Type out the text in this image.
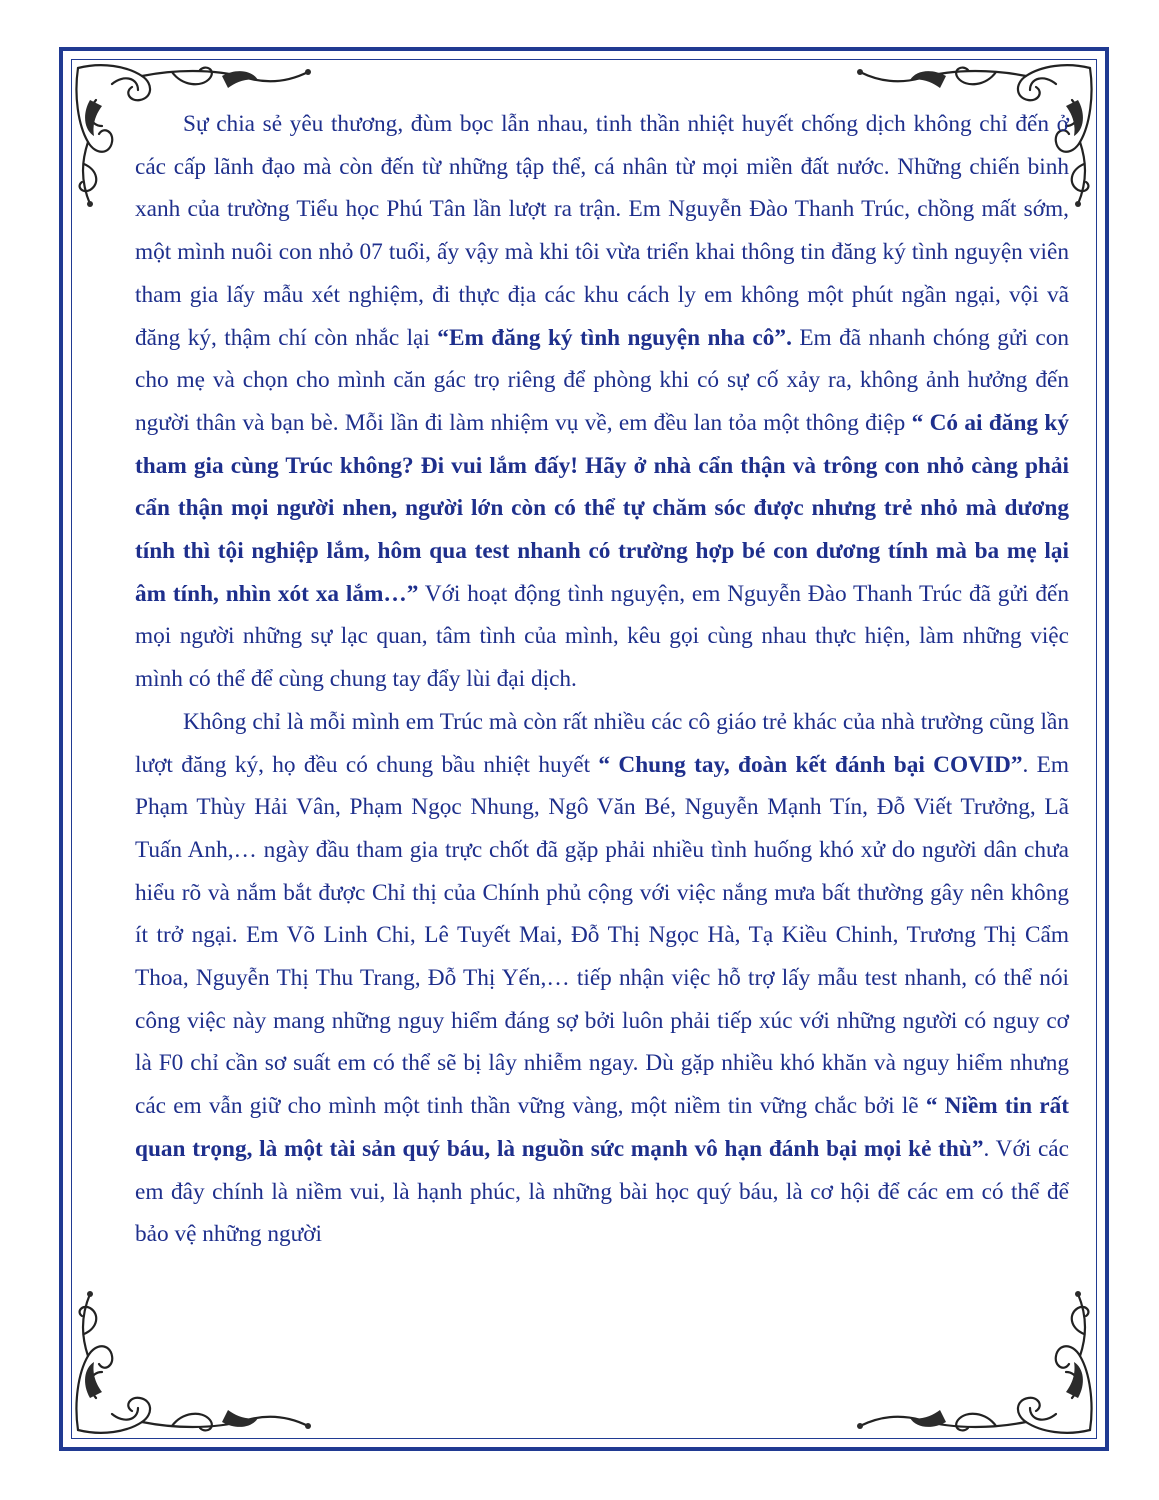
Sự chia sẻ yêu thương, đùm bọc lẫn nhau, tinh thần nhiệt huyết chống dịch không chỉ đến ở các cấp lãnh đạo mà còn đến từ những tập thể, cá nhân từ mọi miền đất nước. Những chiến binh xanh của trường Tiểu học Phú Tân lần lượt ra trận. Em Nguyễn Đào Thanh Trúc, chồng mất sớm, một mình nuôi con nhỏ 07 tuổi, ấy vậy mà khi tôi vừa triển khai thông tin đăng ký tình nguyện viên tham gia lấy mẫu xét nghiệm, đi thực địa các khu cách ly em không một phút ngần ngại, vội vã đăng ký, thậm chí còn nhắc lại “Em đăng ký tình nguyện nha cô”. Em đã nhanh chóng gửi con cho mẹ và chọn cho mình căn gác trọ riêng để phòng khi có sự cố xảy ra, không ảnh hưởng đến người thân và bạn bè. Mỗi lần đi làm nhiệm vụ về, em đều lan tỏa một thông điệp “ Có ai đăng ký tham gia cùng Trúc không? Đi vui lắm đấy! Hãy ở nhà cẩn thận và trông con nhỏ càng phải cẩn thận mọi người nhen, người lớn còn có thể tự chăm sóc được nhưng trẻ nhỏ mà dương tính thì tội nghiệp lắm, hôm qua test nhanh có trường hợp bé con dương tính mà ba mẹ lại âm tính, nhìn xót xa lắm…” Với hoạt động tình nguyện, em Nguyễn Đào Thanh Trúc đã gửi đến mọi người những sự lạc quan, tâm tình của mình, kêu gọi cùng nhau thực hiện, làm những việc mình có thể để cùng chung tay đẩy lùi đại dịch.

Không chỉ là mỗi mình em Trúc mà còn rất nhiều các cô giáo trẻ khác của nhà trường cũng lần lượt đăng ký, họ đều có chung bầu nhiệt huyết “ Chung tay, đoàn kết đánh bại COVID”. Em Phạm Thùy Hải Vân, Phạm Ngọc Nhung, Ngô Văn Bé, Nguyễn Mạnh Tín, Đỗ Viết Trưởng, Lã Tuấn Anh,… ngày đầu tham gia trực chốt đã gặp phải nhiều tình huống khó xử do người dân chưa hiểu rõ và nắm bắt được Chỉ thị của Chính phủ cộng với việc nắng mưa bất thường gây nên không ít trở ngại. Em Võ Linh Chi, Lê Tuyết Mai, Đỗ Thị Ngọc Hà, Tạ Kiều Chinh, Trương Thị Cẩm Thoa, Nguyễn Thị Thu Trang, Đỗ Thị Yến,… tiếp nhận việc hỗ trợ lấy mẫu test nhanh, có thể nói công việc này mang những nguy hiểm đáng sợ bởi luôn phải tiếp xúc với những người có nguy cơ là F0 chỉ cần sơ suất em có thể sẽ bị lây nhiễm ngay. Dù gặp nhiều khó khăn và nguy hiểm nhưng các em vẫn giữ cho mình một tinh thần vững vàng, một niềm tin vững chắc bởi lẽ “ Niềm tin rất quan trọng, là một tài sản quý báu, là nguồn sức mạnh vô hạn đánh bại mọi kẻ thù”. Với các em đây chính là niềm vui, là hạnh phúc, là những bài học quý báu, là cơ hội để các em có thể để bảo vệ những người
